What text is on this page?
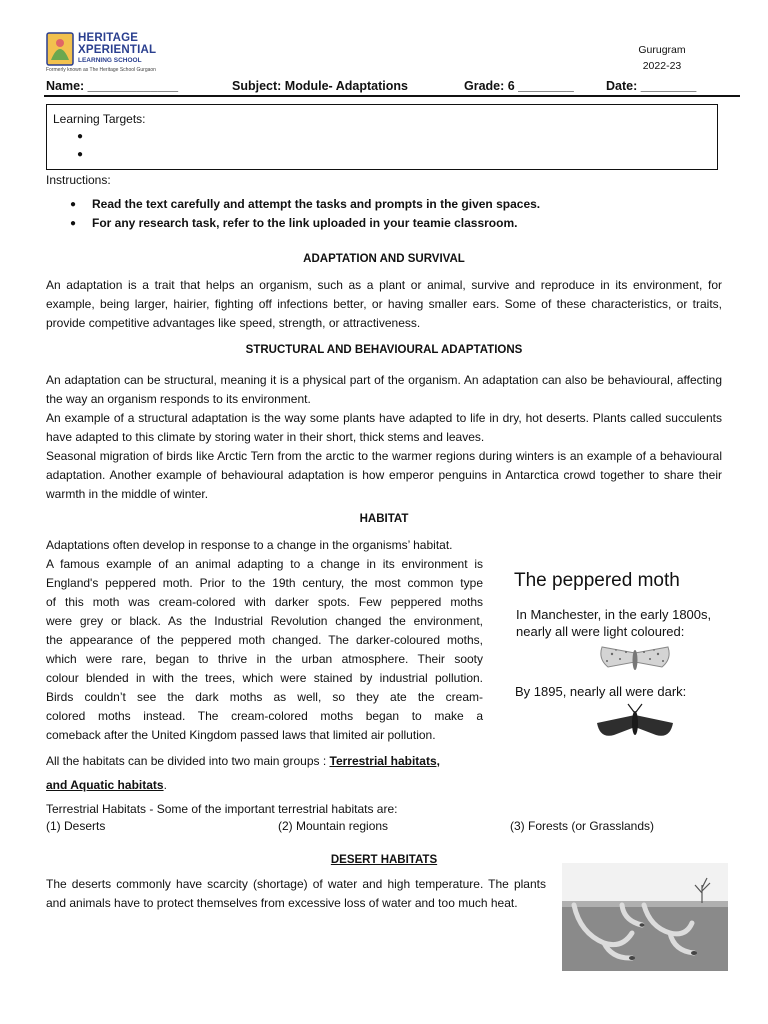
HERITAGE
XPERIENTIAL
LEARNING SCHOOL
Formerly known as The Heritage School Gurgaon
Gurugram
2022-23
Name: _____________	Subject: Module- Adaptations	Grade: 6 ________	Date: ________
Learning Targets:
●
●
Instructions:
● Read the text carefully and attempt the tasks and prompts in the given spaces.
● For any research task, refer to the link uploaded in your teamie classroom.
ADAPTATION AND SURVIVAL
An adaptation is a trait that helps an organism, such as a plant or animal, survive and reproduce in its environment, for example, being larger, hairier, fighting off infections better, or having smaller ears. Some of these characteristics, or traits, provide competitive advantages like speed, strength, or attractiveness.
STRUCTURAL AND BEHAVIOURAL ADAPTATIONS
An adaptation can be structural, meaning it is a physical part of the organism. An adaptation can also be behavioural, affecting the way an organism responds to its environment.
An example of a structural adaptation is the way some plants have adapted to life in dry, hot deserts. Plants called succulents have adapted to this climate by storing water in their short, thick stems and leaves.
Seasonal migration of birds like Arctic Tern from the arctic to the warmer regions during winters is an example of a behavioural adaptation. Another example of behavioural adaptation is how emperor penguins in Antarctica crowd together to share their warmth in the middle of winter.
HABITAT
Adaptations often develop in response to a change in the organisms’ habitat.
A famous example of an animal adapting to a change in its environment is
England's peppered moth. Prior to the 19th century, the most common type
of this moth was cream-colored with darker spots. Few peppered moths
were grey or black. As the Industrial Revolution changed the environment,
the appearance of the peppered moth changed. The darker-coloured moths,
which were rare, began to thrive in the urban atmosphere. Their sooty
colour blended in with the trees, which were stained by industrial pollution.
Birds couldn’t see the dark moths as well, so they ate the cream-
colored moths instead. The cream-colored moths began to make a
comeback after the United Kingdom passed laws that limited air pollution.
The peppered moth
In Manchester, in the early 1800s,
nearly all were light coloured:
By 1895, nearly all were dark:
All the habitats can be divided into two main groups : Terrestrial habitats,
and Aquatic habitats.
Terrestrial Habitats - Some of the important terrestrial habitats are:
(1) Deserts	(2) Mountain regions	(3) Forests (or Grasslands)
DESERT HABITATS
The deserts commonly have scarcity (shortage) of water and high temperature. The plants and animals have to protect themselves from excessive loss of water and too much heat.
